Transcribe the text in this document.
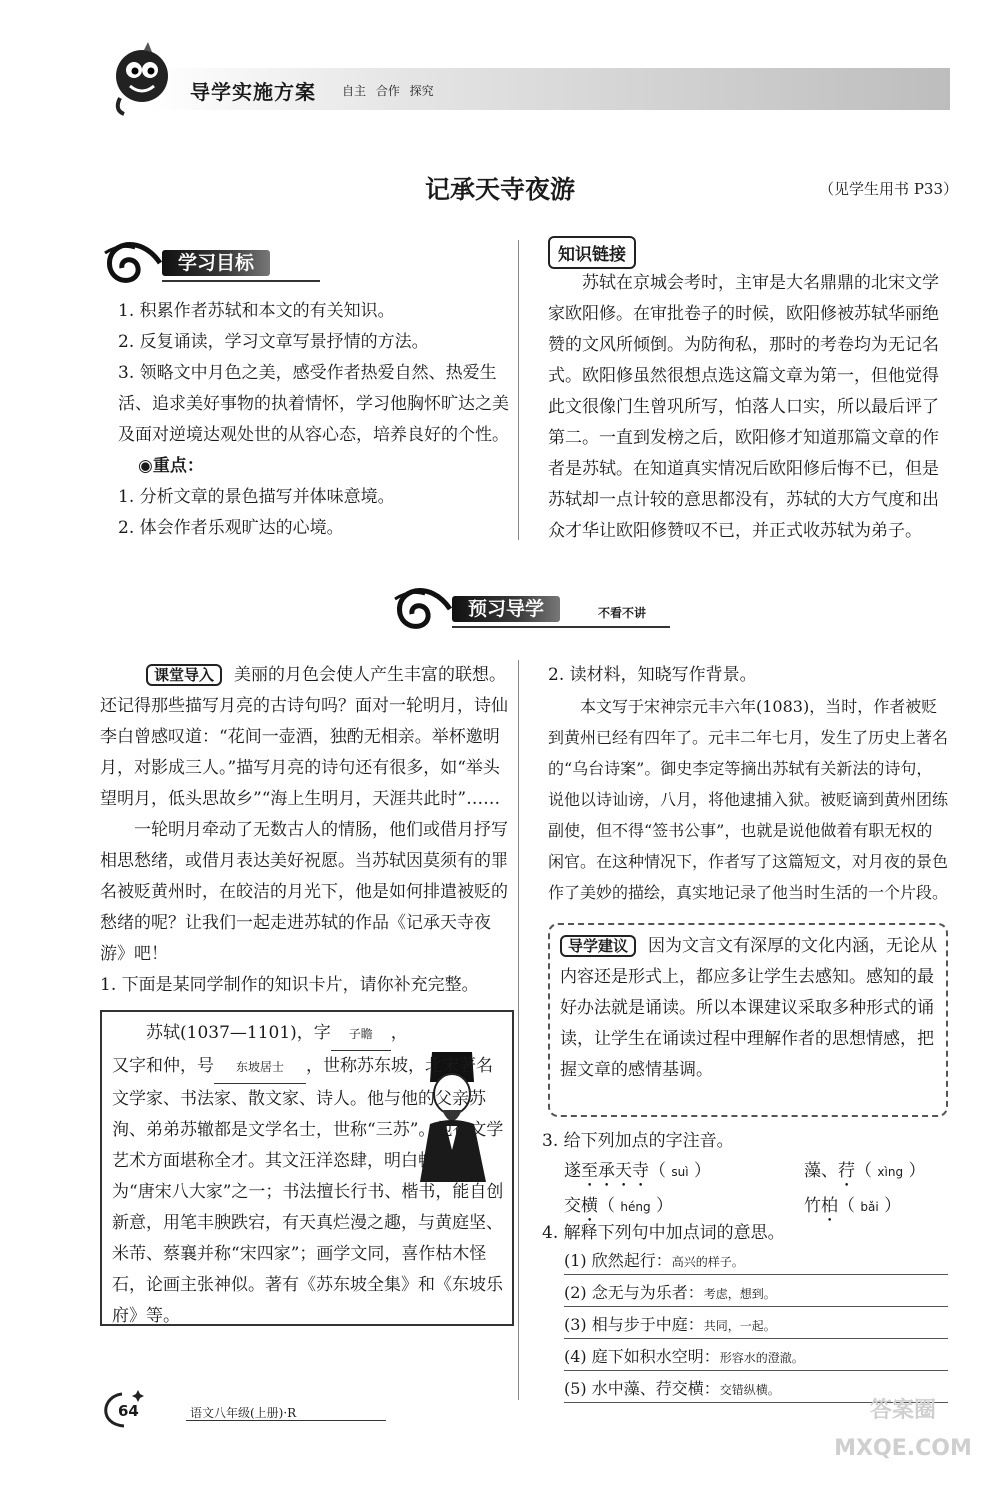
导学实施方案 自主 合作 探究
记承天寺夜游	（见学生用书 P33）
学习目标

1. 积累作者苏轼和本文的有关知识。

2. 反复诵读，学习文章写景抒情的方法。

3. 领略文中月色之美，感受作者热爱自然、热爱生活、追求美好事物的执着情怀，学习他胸怀旷达之美及面对逆境达观处世的从容心态，培养良好的个性。

◉重点：

1. 分析文章的景色描写并体味意境。

2. 体会作者乐观旷达的心境。

知识链接
苏轼在京城会考时，主审是大名鼎鼎的北宋文学家欧阳修。在审批卷子的时候，欧阳修被苏轼华丽绝赞的文风所倾倒。为防徇私，那时的考卷均为无记名式。欧阳修虽然很想点选这篇文章为第一，但他觉得此文很像门生曾巩所写，怕落人口实，所以最后评了第二。一直到发榜之后，欧阳修才知道那篇文章的作者是苏轼。在知道真实情况后欧阳修后悔不已，但是苏轼却一点计较的意思都没有，苏轼的大方气度和出众才华让欧阳修赞叹不已，并正式收苏轼为弟子。
预习导学	不看不讲

课堂导入 美丽的月色会使人产生丰富的联想。还记得那些描写月亮的古诗句吗？面对一轮明月，诗仙李白曾感叹道：“花间一壶酒，独酌无相亲。举杯邀明月，对影成三人。”描写月亮的诗句还有很多，如“举头望明月，低头思故乡”“海上生明月，天涯共此时”……

一轮明月牵动了无数古人的情肠，他们或借月抒写相思愁绪，或借月表达美好祝愿。当苏轼因莫须有的罪名被贬黄州时，在皎洁的月光下，他是如何排遣被贬的愁绪的呢？让我们一起走进苏轼的作品《记承天寺夜游》吧！

1. 下面是某同学制作的知识卡片，请你补充完整。

苏轼(1037—1101)，字 子瞻 ，
又字和仲，号 东坡居士 ，世称苏东坡，北宋著名文学家、书法家、散文家、诗人。他与他的父亲苏洵、弟弟苏辙都是文学名士，世称“三苏”。他在文学艺术方面堪称全才。其文汪洋恣肆，明白畅达，为“唐宋八大家”之一；书法擅长行书、楷书，能自创新意，用笔丰腴跌宕，有天真烂漫之趣，与黄庭坚、米芾、蔡襄并称“宋四家”；画学文同，喜作枯木怪石，论画主张神似。著有《苏东坡全集》和《东坡乐府》等。
2. 读材料，知晓写作背景。
本文写于宋神宗元丰六年(1083)，当时，作者被贬到黄州已经有四年了。元丰二年七月，发生了历史上著名的“乌台诗案”。御史李定等摘出苏轼有关新法的诗句，说他以诗讪谤，八月，将他逮捕入狱。被贬谪到黄州团练副使，但不得“签书公事”，也就是说他做着有职无权的闲官。在这种情况下，作者写了这篇短文，对月夜的景色作了美妙的描绘，真实地记录了他当时生活的一个片段。
导学建议 因为文言文有深厚的文化内涵，无论从内容还是形式上，都应多让学生去感知。感知的最好办法就是诵读。所以本课建议采取多种形式的诵读，让学生在诵读过程中理解作者的思想情感，把握文章的感情基调。
3. 给下列加点的字注音。
遂至承天寺（ suì ）	藻、荇（ xìng ）
交横（ héng ）	竹柏（ bǎi ）
4. 解释下列句中加点词的意思。
(1) 欣然起行：高兴的样子。
(2) 念无与为乐者：考虑，想到。
(3) 相与步于中庭：共同，一起。
(4) 庭下如积水空明：形容水的澄澈。
(5) 水中藻、荇交横：交错纵横。
64	语文八年级(上册)·R	答案圈 MXQE.COM
